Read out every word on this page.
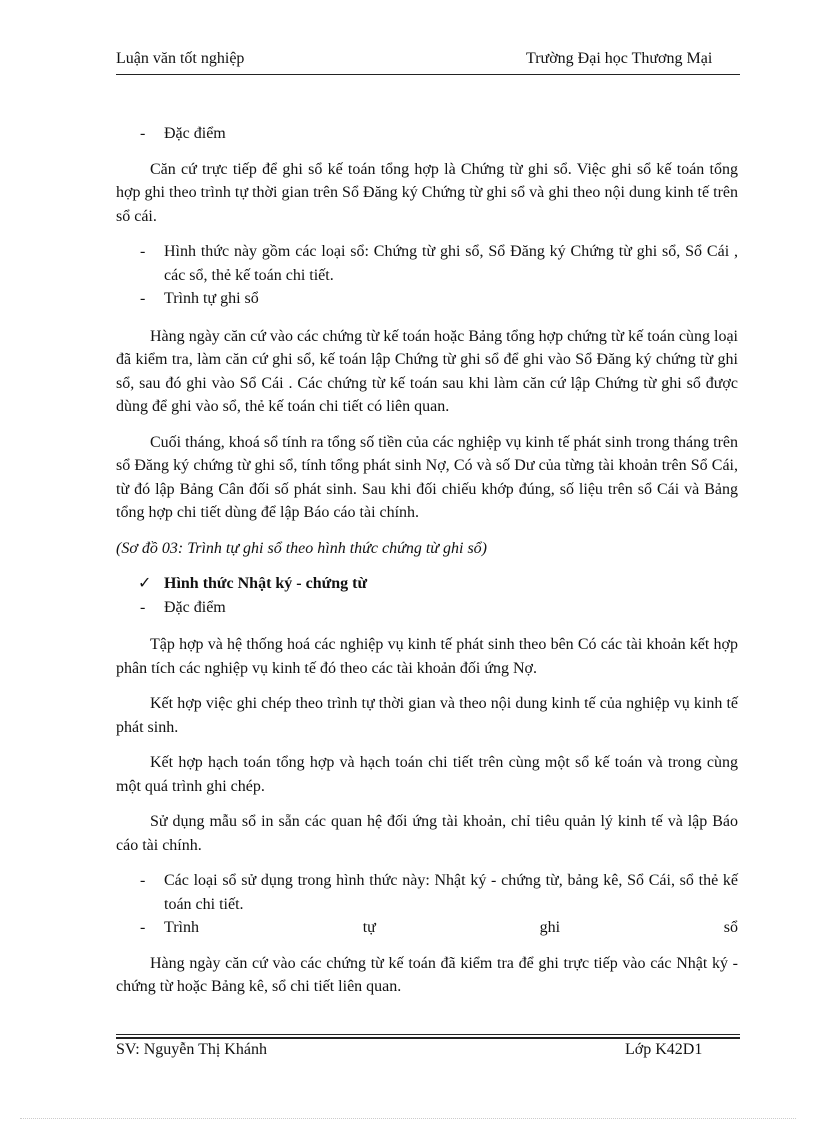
Luận văn tốt nghiệp	Trường Đại học Thương Mại

- Đặc điểm

Căn cứ trực tiếp để ghi sổ kế toán tổng hợp là Chứng từ ghi sổ. Việc ghi sổ kế toán tổng hợp ghi theo trình tự thời gian trên Sổ Đăng ký Chứng từ ghi sổ và ghi theo nội dung kinh tế trên sổ cái.

- Hình thức này gồm các loại sổ: Chứng từ ghi sổ, Sổ Đăng ký Chứng từ ghi sổ, Sổ Cái , các sổ, thẻ kế toán chi tiết.

- Trình tự ghi sổ

Hàng ngày căn cứ vào các chứng từ kế toán hoặc Bảng tổng hợp chứng từ kế toán cùng loại đã kiểm tra, làm căn cứ ghi sổ, kế toán lập Chứng từ ghi sổ để ghi vào Sổ Đăng ký chứng từ ghi sổ, sau đó ghi vào Sổ Cái . Các chứng từ kế toán sau khi làm căn cứ lập Chứng từ ghi sổ được dùng để ghi vào sổ, thẻ kế toán chi tiết có liên quan.

Cuối tháng, khoá sổ tính ra tổng số tiền của các nghiệp vụ kinh tế phát sinh trong tháng trên sổ Đăng ký chứng từ ghi sổ, tính tổng phát sinh Nợ, Có và số Dư của từng tài khoản trên Sổ Cái, từ đó lập Bảng Cân đối số phát sinh. Sau khi đối chiếu khớp đúng, số liệu trên sổ Cái và Bảng tổng hợp chi tiết dùng để lập Báo cáo tài chính.

(Sơ đồ 03: Trình tự ghi sổ theo hình thức chứng từ ghi sổ)

✓ Hình thức Nhật ký - chứng từ

- Đặc điểm

Tập hợp và hệ thống hoá các nghiệp vụ kinh tế phát sinh theo bên Có các tài khoản kết hợp phân tích các nghiệp vụ kinh tế đó theo các tài khoản đối ứng Nợ.

Kết hợp việc ghi chép theo trình tự thời gian và theo nội dung kinh tế của nghiệp vụ kinh tế phát sinh.

Kết hợp hạch toán tổng hợp và hạch toán chi tiết trên cùng một sổ kế toán và trong cùng một quá trình ghi chép.

Sử dụng mẫu sổ in sẵn các quan hệ đối ứng tài khoản, chỉ tiêu quản lý kinh tế và lập Báo cáo tài chính.

- Các loại sổ sử dụng trong hình thức này: Nhật ký - chứng từ, bảng kê, Sổ Cái, sổ thẻ kế toán chi tiết.

- Trình	tự	ghi	sổ

Hàng ngày căn cứ vào các chứng từ kế toán đã kiểm tra để ghi trực tiếp vào các Nhật ký - chứng từ hoặc Bảng kê, sổ chi tiết liên quan.

SV: Nguyễn Thị Khánh	Lớp K42D1
